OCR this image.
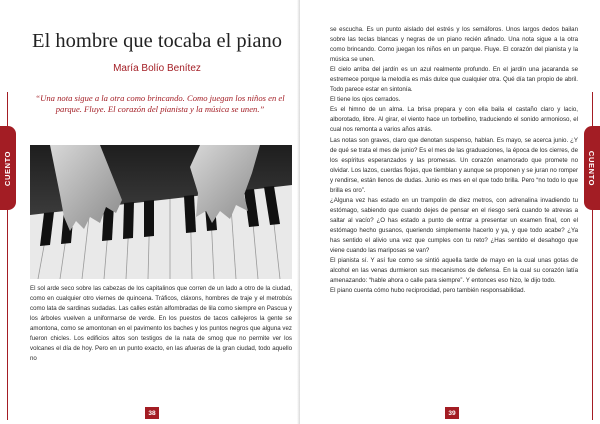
CUENTO
El hombre que tocaba el piano
María Bolío Benítez
“Una nota sigue a la otra como brincando. Como juegan los niños en el parque. Fluye. El corazón del pianista y la música se unen.”

El sol arde seco sobre las cabezas de los capitalinos que corren de un lado a otro de la ciudad, como en cualquier otro viernes de quincena. Tráficos, cláxons, hombres de traje y el metrobús como lata de sardinas sudadas. Las calles están alfombradas de lila como siempre en Pascua y los árboles vuelven a uniformarse de verde. En los puestos de tacos callejeros la gente se amontona, como se amontonan en el pavimento los baches y los puntos negros que alguna vez fueron chicles. Los edificios altos son testigos de la nata de smog que no permite ver los volcanes el día de hoy. Pero en un punto exacto, en las afueras de la gran ciudad, todo aquello no

38
CUENTO
39

se escucha. Es un punto aislado del estrés y los semáforos. Unos largos dedos bailan sobre las teclas blancas y negras de un piano recién afinado. Una nota sigue a la otra como brincando. Como juegan los niños en un parque. Fluye. El corazón del pianista y la música se unen.

El cielo arriba del jardín es un azul realmente profundo. En el jardín una jacaranda se estremece porque la melodía es más dulce que cualquier otra. Qué día tan propio de abril. Todo parece estar en sintonía.

El tiene los ojos cerrados.

Es el himno de un alma. La brisa prepara y con ella baila el castaño claro y lacio, alborotado, libre. Al girar, el viento hace un torbellino, traduciendo el sonido armonioso, el cual nos remonta a varios años atrás.

Las notas son graves, claro que denotan suspenso, hablan. Es mayo, se acerca junio. ¿Y de qué se trata el mes de junio? Es el mes de las graduaciones, la época de los cierres, de los espíritus esperanzados y las promesas. Un corazón enamorado que promete no olvidar. Los lazos, cuerdas flojas, que tiemblan y aunque se proponen y se juran no romper y rendirse, están llenos de dudas. Junio es mes en el que todo brilla. Pero “no todo lo que brilla es oro”.

¿Alguna vez has estado en un trampolín de diez metros, con adrenalina invadiendo tu estómago, sabiendo que cuando dejes de pensar en el riesgo será cuando te atrevas a saltar al vacío? ¿O has estado a punto de entrar a presentar un examen final, con el estómago hecho gusanos, queriendo simplemente hacerlo y ya, y que todo acabe? ¿Ya has sentido el alivio una vez que cumples con tu reto? ¿Has sentido el desahogo que viene cuando las mariposas se van?

El pianista sí. Y así fue como se sintió aquella tarde de mayo en la cual unas gotas de alcohol en las venas durmieron sus mecanismos de defensa. En la cual su corazón latía amenazando: “hable ahora o calle para siempre”. Y entonces eso hizo, le dijo todo.

El piano cuenta cómo hubo reciprocidad, pero también responsabilidad.
